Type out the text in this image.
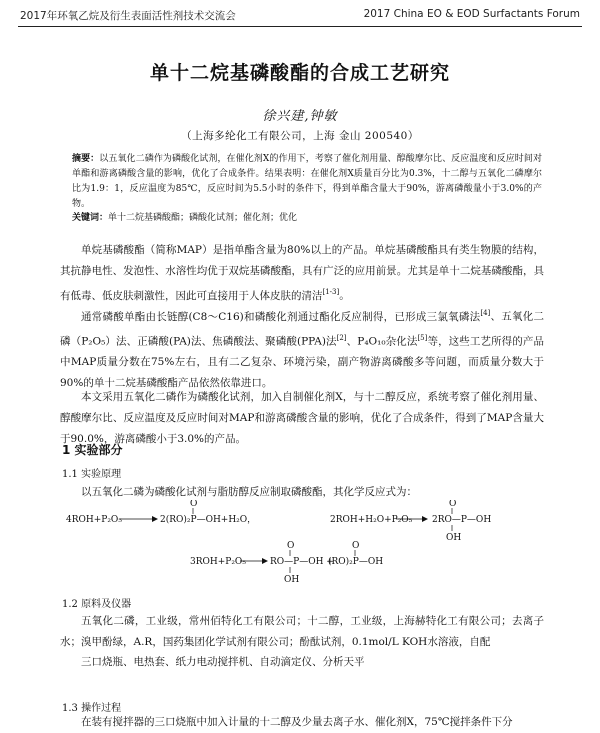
2017年环氧乙烷及衍生表面活性剂技术交流会	2017 China EO & EOD Surfactants Forum
单十二烷基磷酸酯的合成工艺研究
徐兴建,钟敏
（上海多纶化工有限公司，上海 金山 200540）
摘要：以五氧化二磷作为磷酸化试剂，在催化剂X的作用下，考察了催化剂用量、醇酸摩尔比、反应温度和反应时间对单酯和游离磷酸含量的影响，优化了合成条件。结果表明：在催化剂X质量百分比为0.3%，十二醇与五氧化二磷摩尔比为1.9：1，反应温度为85℃，反应时间为5.5小时的条件下，得到单酯含量大于90%，游离磷酸量小于3.0%的产物。
关键词：单十二烷基磷酸酯；磷酸化试剂；催化剂；优化
单烷基磷酸酯（简称MAP）是指单酯含量为80%以上的产品。单烷基磷酸酯具有类生物膜的结构，其抗静电性、发泡性、水溶性均优于双烷基磷酸酯，具有广泛的应用前景。尤其是单十二烷基磷酸酯，具有低毒、低皮肤刺激性，因此可直接用于人体皮肤的清洁[1-3]。
通常磷酸单酯由长链醇(C8～C16)和磷酸化剂通过酯化反应制得，已形成三氯氧磷法[4]、五氧化二磷（P₂O₅）法、正磷酸(PA)法、焦磷酸法、聚磷酸(PPA)法[2]、P₄O₁₀杂化法[5]等，这些工艺所得的产品中MAP质量分数在75%左右，且有二乙复杂、环境污染，副产物游离磷酸多等问题，而质量分数大于90%的单十二烷基磷酸酯产品依然依靠进口。
本文采用五氧化二磷作为磷酸化试剂，加入自制催化剂X，与十二醇反应，系统考察了催化剂用量、醇酸摩尔比、反应温度及反应时间对MAP和游离磷酸含量的影响，优化了合成条件，得到了MAP含量大于90.0%，游离磷酸小于3.0%的产品。
1 实验部分
1.1 实验原理
以五氧化二磷为磷酸化试剂与脂肪醇反应制取磷酸酯，其化学反应式为：
4ROH+P₂O₅	2(RO)₂P—OH+H₂O，
O
2ROH+H₂O+P₂O₅ 2RO—P—OH
O
OH
3ROH+P₂O₅	RO—P—OH +
O
OH
(RO)₂P—OH
O
1.2 原料及仪器
五氧化二磷，工业级，常州佰特化工有限公司；十二醇，工业级，上海赫特化工有限公司；去离子水；溴甲酚绿，A.R，国药集团化学试剂有限公司；酚酞试剂，0.1mol/L KOH水溶液，自配
三口烧瓶、电热套、纸力电动搅拌机、自动滴定仪、分析天平
1.3 操作过程
在装有搅拌器的三口烧瓶中加入计量的十二醇及少量去离子水、催化剂X，75℃搅拌条件下分
